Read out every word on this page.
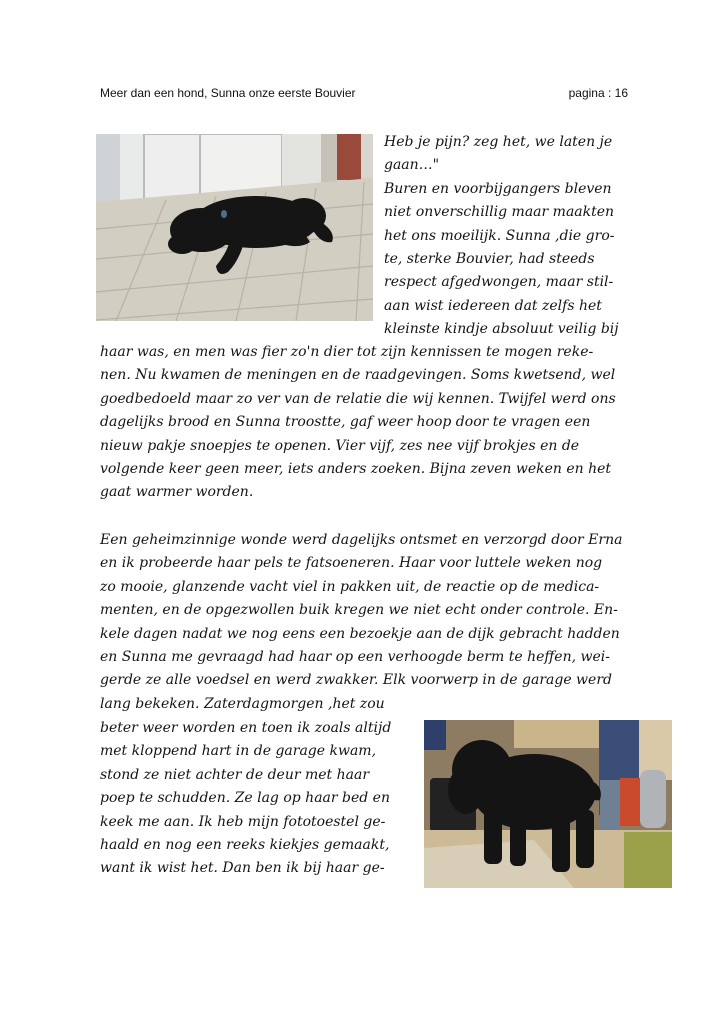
Meer dan een hond, Sunna onze eerste Bouvier	pagina : 16
Heb je pijn? zeg het, we laten je
gaan…"
Buren en voorbijgangers bleven
niet onverschillig maar maakten
het ons moeilijk. Sunna ,die gro-
te, sterke Bouvier, had steeds
respect afgedwongen, maar stil-
aan wist iedereen dat zelfs het
kleinste kindje absoluut veilig bij
haar was, en men was fier zo'n dier tot zijn kennissen te mogen reke-
nen. Nu kwamen de meningen en de raadgevingen. Soms kwetsend, wel
goedbedoeld maar zo ver van de relatie die wij kennen. Twijfel werd ons
dagelijks brood en Sunna troostte, gaf weer hoop door te vragen een
nieuw pakje snoepjes te openen. Vier vijf, zes nee vijf brokjes en de
volgende keer geen meer, iets anders zoeken. Bijna zeven weken en het
gaat warmer worden.
Een geheimzinnige wonde werd dagelijks ontsmet en verzorgd door Erna
en ik probeerde haar pels te fatsoeneren. Haar voor luttele weken nog
zo mooie, glanzende vacht viel in pakken uit, de reactie op de medica-
menten, en de opgezwollen buik kregen we niet echt onder controle. En-
kele dagen nadat we nog eens een bezoekje aan de dijk gebracht hadden
en Sunna me gevraagd had haar op een verhoogde berm te heffen, wei-
gerde ze alle voedsel en werd zwakker. Elk voorwerp in de garage werd
lang bekeken. Zaterdagmorgen ,het zou
beter weer worden en toen ik zoals altijd
met kloppend hart in de garage kwam,
stond ze niet achter de deur met haar
poep te schudden. Ze lag op haar bed en
keek me aan. Ik heb mijn fototoestel ge-
haald en nog een reeks kiekjes gemaakt,
want ik wist het. Dan ben ik bij haar ge-
